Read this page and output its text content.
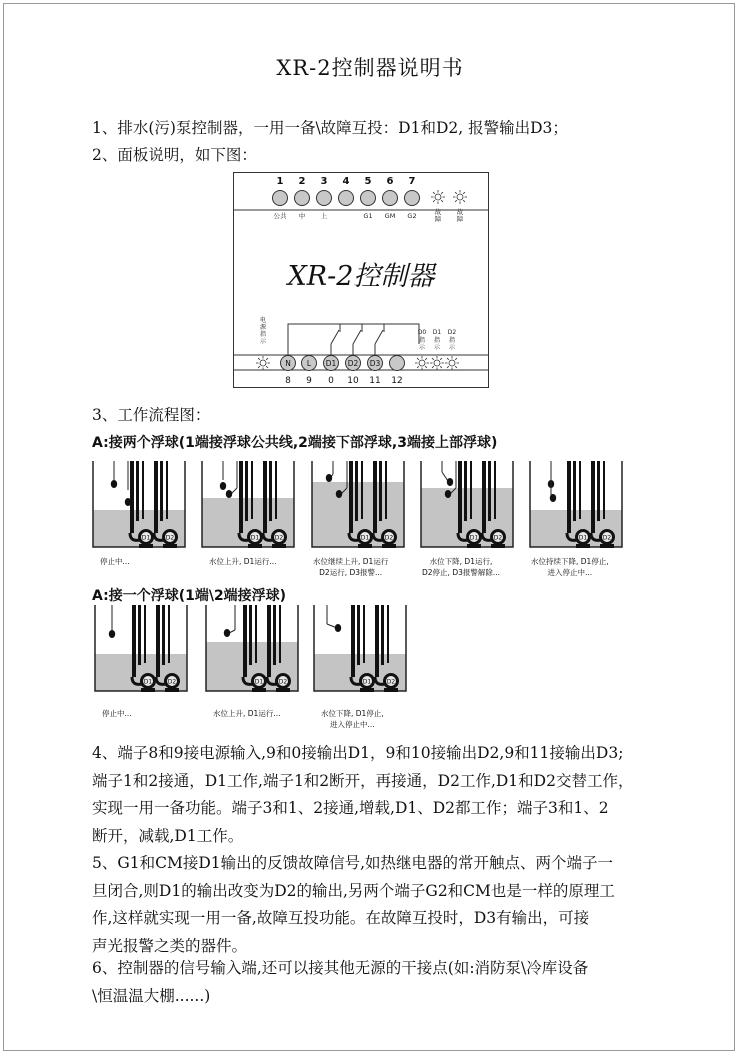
XR-2控制器说明书
1、排水(污)泵控制器，一用一备\故障互投：D1和D2, 报警输出D3；
2、面板说明，如下图：
1 2 3 4 5 6 7
公共 中 上	G1 GM G2	故障
故障
XR-2控制器
电源指示
D0
指示
D1
指示
D2
指示
N L D1 D2 D3
8 9 0 10 11 12
3、工作流程图：
A:接两个浮球(1端接浮球公共线,2端接下部浮球,3端接上部浮球)
D1	D2
停止中...
D1	D2
水位上升, D1运行...
D1	D2
水位继续上升, D1运行
D2运行, D3报警...
D1	D2
水位下降, D1运行,
D2停止, D3报警解除...
D1	D2
水位持续下降, D1停止,
进入停止中...
A:接一个浮球(1端\2端接浮球)
D1	D2
停止中...
D1	D2
水位上升, D1运行...
D1	D2
水位下降, D1停止,
进入停止中...

4、端子8和9接电源输入,9和0接输出D1，9和10接输出D2,9和11接输出D3;

端子1和2接通，D1工作,端子1和2断开，再接通，D2工作,D1和D2交替工作，

实现一用一备功能。端子3和1、2接通,增载,D1、D2都工作；端子3和1、2

断开，减载,D1工作。

5、G1和CM接D1输出的反馈故障信号,如热继电器的常开触点、两个端子一

旦闭合,则D1的输出改变为D2的输出,另两个端子G2和CM也是一样的原理工

作,这样就实现一用一备,故障互投功能。在故障互投时，D3有输出，可接

声光报警之类的器件。

6、控制器的信号输入端,还可以接其他无源的干接点(如:消防泵\冷库设备

\恒温温大棚......)
